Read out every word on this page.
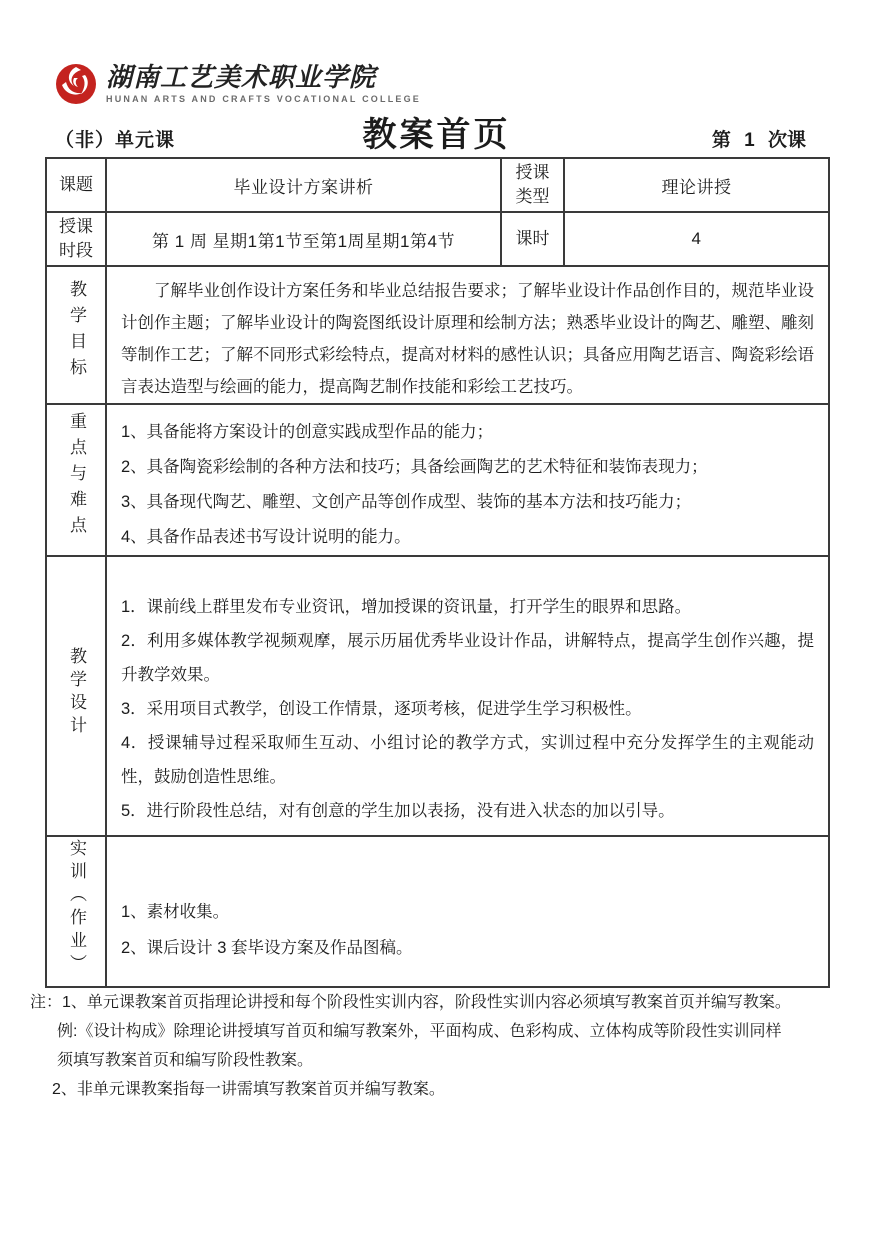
湖南工艺美术职业学院
HUNAN ARTS AND CRAFTS VOCATIONAL COLLEGE
（非）单元课	教案首页	第 1 次课
课题	毕业设计方案讲析	授课类型	理论讲授
授课时段	第 1 周 星期1第1节至第1周星期1第4节	课时	4
教学目标	了解毕业创作设计方案任务和毕业总结报告要求；了解毕业设计作品创作目的，规范毕业设计创作主题；了解毕业设计的陶瓷图纸设计原理和绘制方法；熟悉毕业设计的陶艺、雕塑、雕刻等制作工艺；了解不同形式彩绘特点，提高对材料的感性认识；具备应用陶艺语言、陶瓷彩绘语言表达造型与绘画的能力，提高陶艺制作技能和彩绘工艺技巧。		

重点与难点	1、具备能将方案设计的创意实践成型作品的能力；
2、具备陶瓷彩绘制的各种方法和技巧；具备绘画陶艺的艺术特征和装饰表现力；
3、具备现代陶艺、雕塑、文创产品等创作成型、装饰的基本方法和技巧能力；
4、具备作品表述书写设计说明的能力。		

教学设计	1．课前线上群里发布专业资讯，增加授课的资讯量，打开学生的眼界和思路。
2．利用多媒体教学视频观摩，展示历届优秀毕业设计作品，讲解特点，提高学生创作兴趣，提升教学效果。
3．采用项目式教学，创设工作情景，逐项考核，促进学生学习积极性。
4．授课辅导过程采取师生互动、小组讨论的教学方式，实训过程中充分发挥学生的主观能动性，鼓励创造性思维。
5．进行阶段性总结，对有创意的学生加以表扬，没有进入状态的加以引导。		

实训（作业）	1、素材收集。
2、课后设计 3 套毕设方案及作品图稿。		
注：1、单元课教案首页指理论讲授和每个阶段性实训内容，阶段性实训内容必须填写教案首页并编写教案。
例:《设计构成》除理论讲授填写首页和编写教案外，平面构成、色彩构成、立体构成等阶段性实训同样
须填写教案首页和编写阶段性教案。
2、非单元课教案指每一讲需填写教案首页并编写教案。
